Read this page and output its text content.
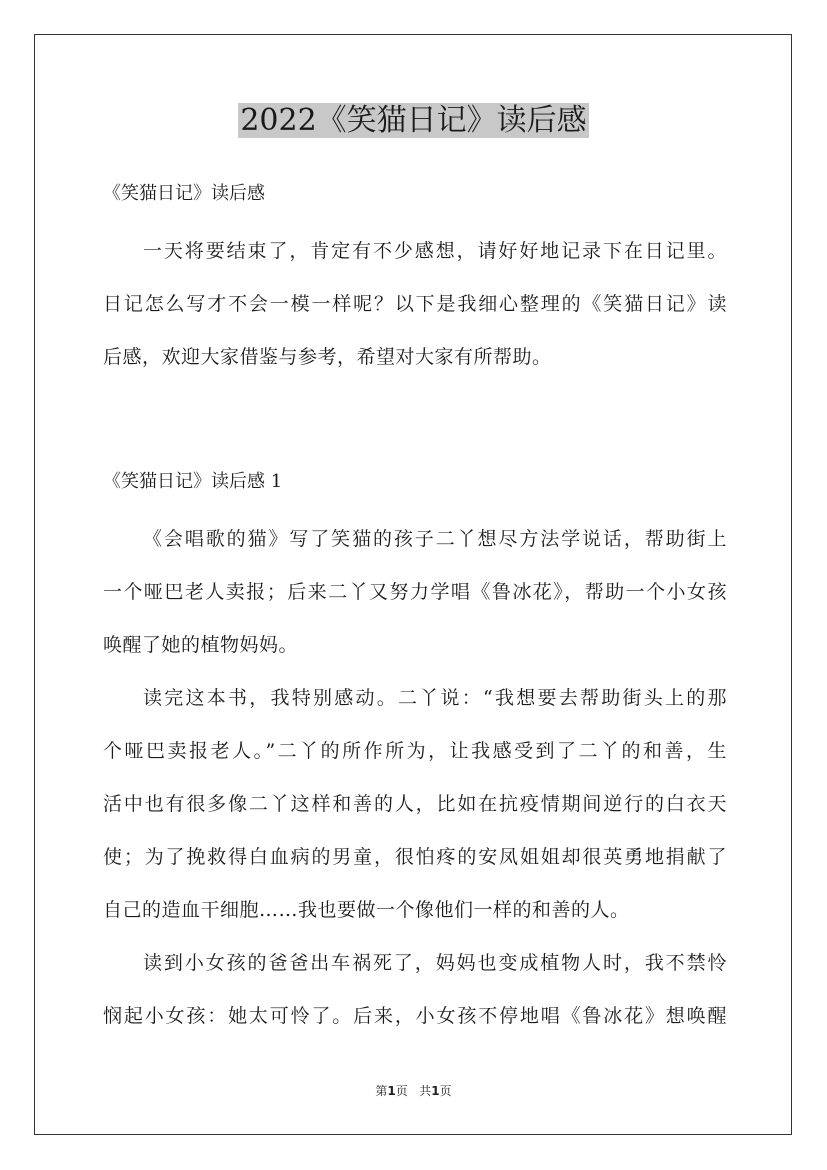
2022《笑猫日记》读后感
《笑猫日记》读后感
一天将要结束了，肯定有不少感想，请好好地记录下在日记里。
日记怎么写才不会一模一样呢？以下是我细心整理的《笑猫日记》读
后感，欢迎大家借鉴与参考，希望对大家有所帮助。
《笑猫日记》读后感 1
《会唱歌的猫》写了笑猫的孩子二丫想尽方法学说话，帮助街上
一个哑巴老人卖报；后来二丫又努力学唱《鲁冰花》，帮助一个小女孩
唤醒了她的植物妈妈。
读完这本书，我特别感动。二丫说：“我想要去帮助街头上的那
个哑巴卖报老人。”二丫的所作所为，让我感受到了二丫的和善，生
活中也有很多像二丫这样和善的人，比如在抗疫情期间逆行的白衣天
使；为了挽救得白血病的男童，很怕疼的安凤姐姐却很英勇地捐献了
自己的造血干细胞……我也要做一个像他们一样的和善的人。
读到小女孩的爸爸出车祸死了，妈妈也变成植物人时，我不禁怜
悯起小女孩：她太可怜了。后来，小女孩不停地唱《鲁冰花》想唤醒
第1页 共1页
